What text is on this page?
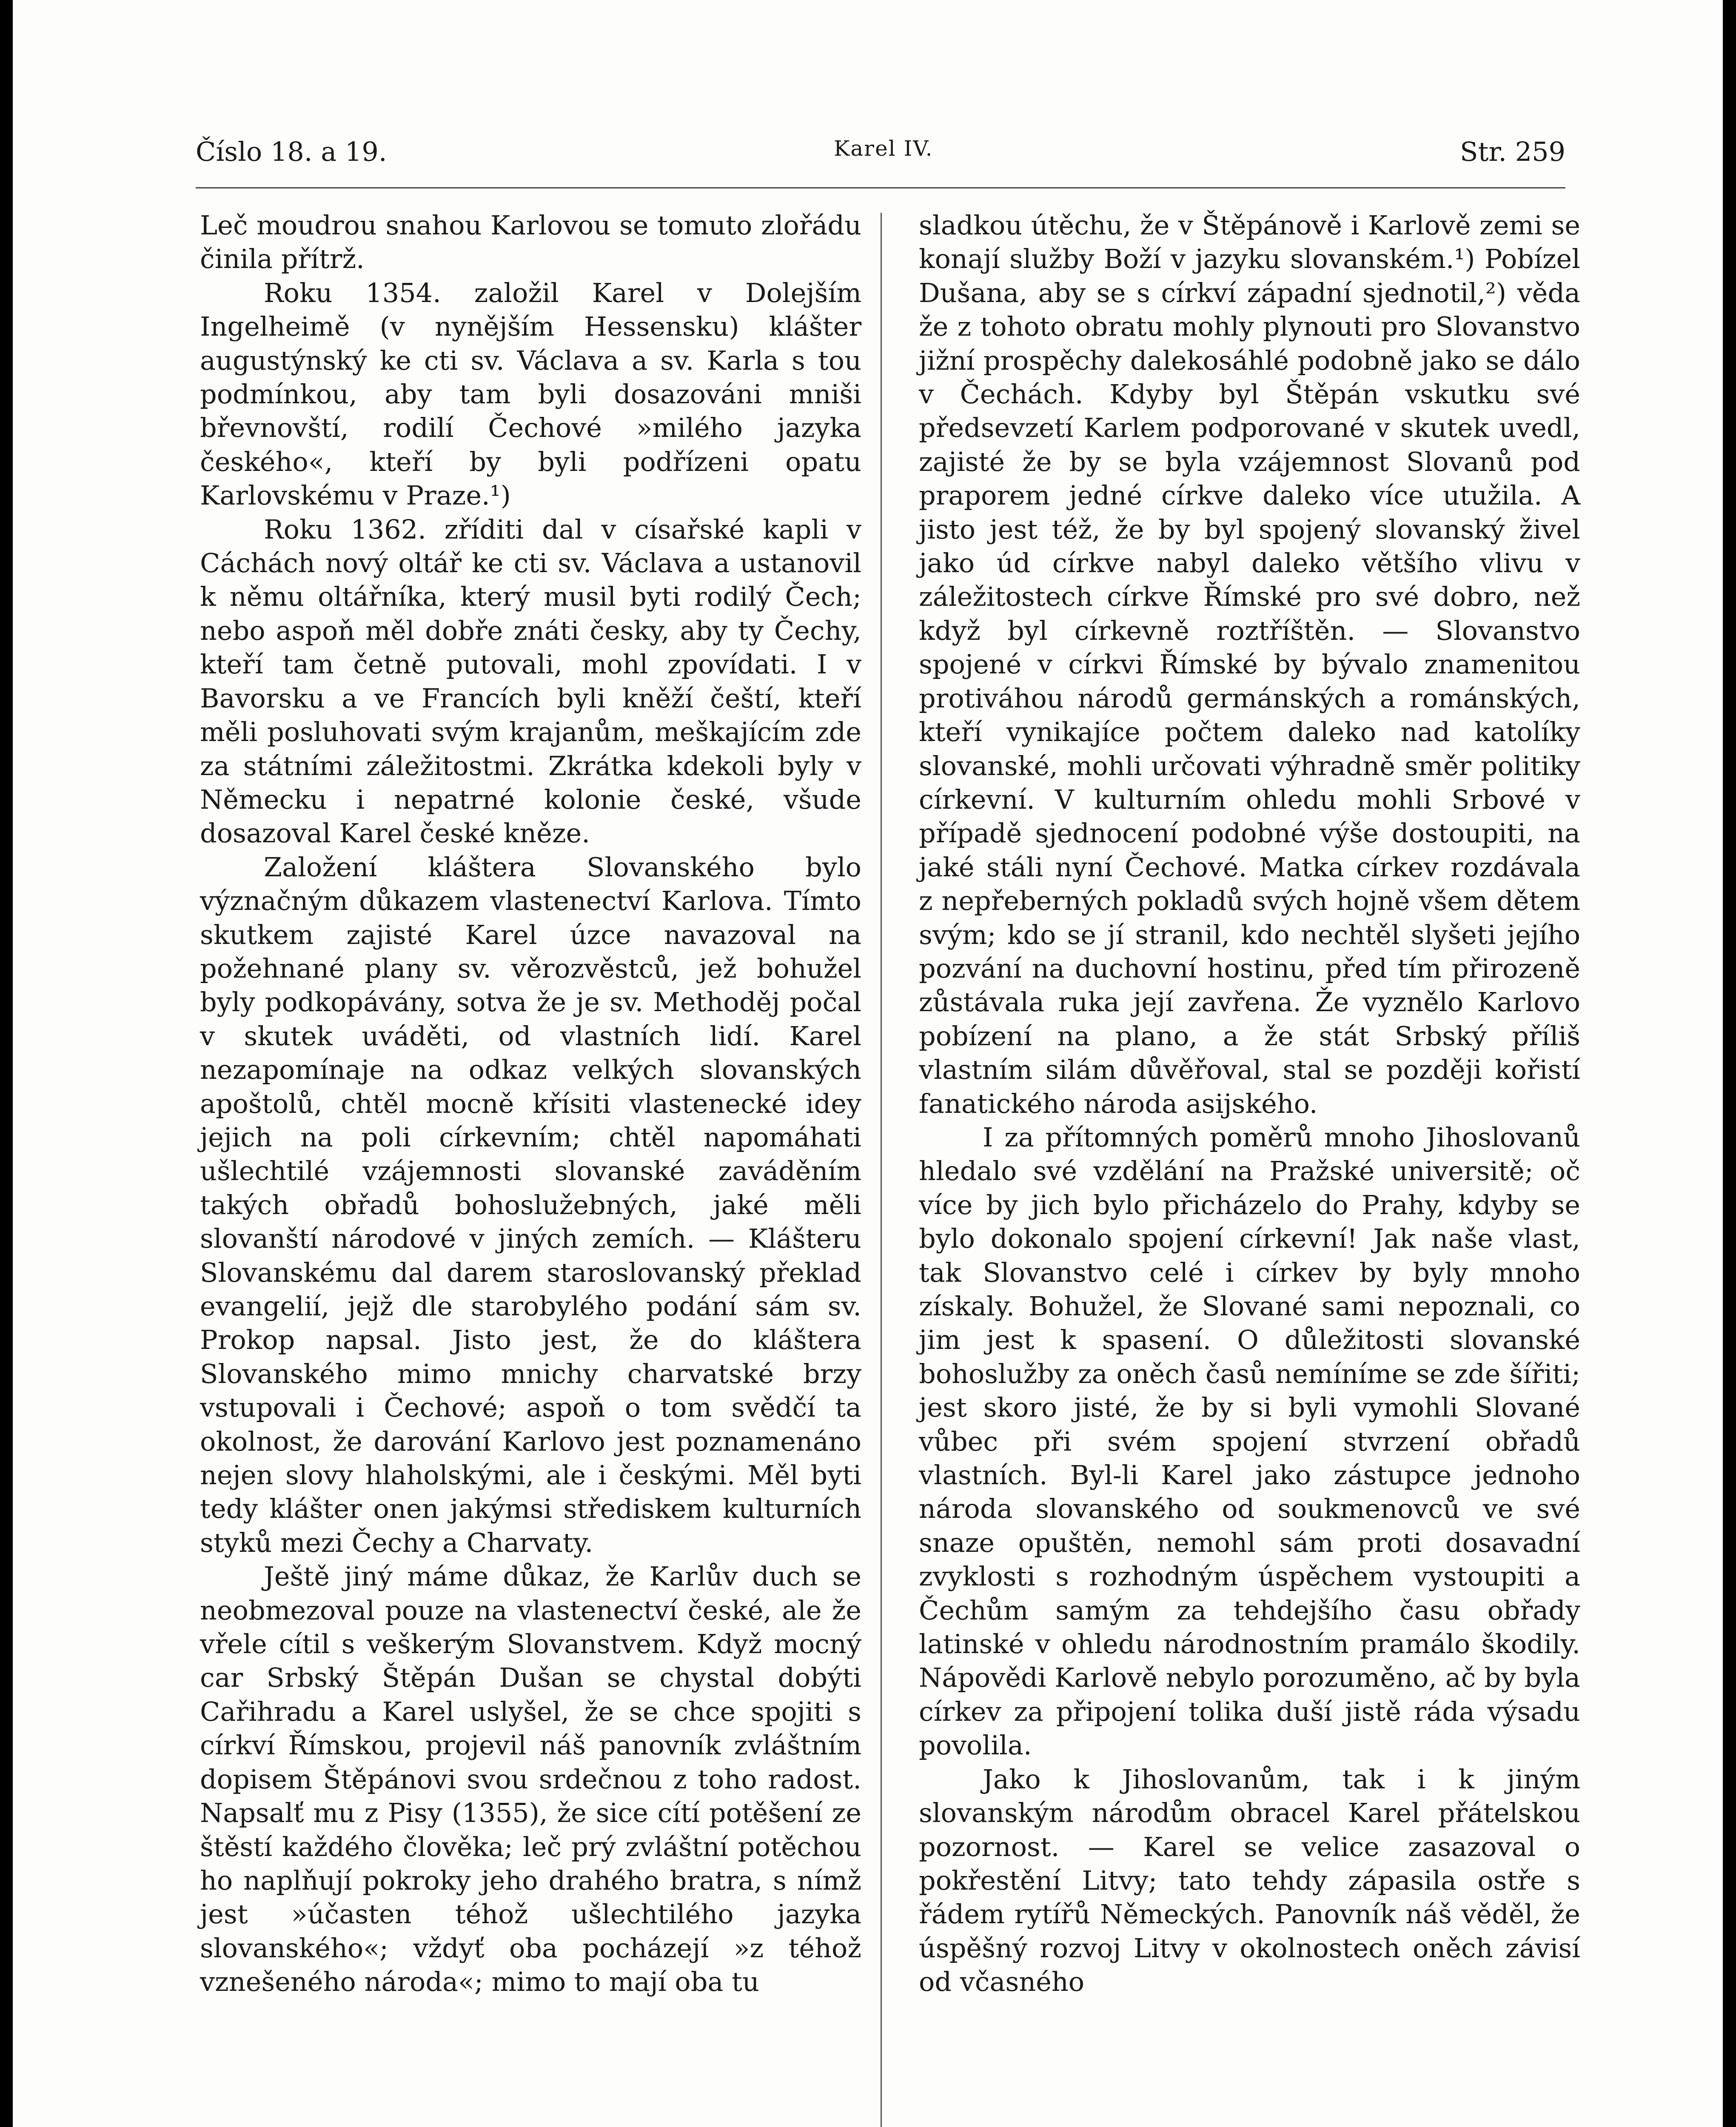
Číslo 18. a 19.	Karel IV.	Str. 259

Leč moudrou snahou Karlovou se tomuto zlořádu činila přítrž.

Roku 1354. založil Karel v Dolejším Ingelheimě (v nynějším Hessensku) klášter augustýnský ke cti sv. Václava a sv. Karla s tou podmínkou, aby tam byli dosazováni mniši břevnovští, rodilí Čechové »milého jazyka českého«, kteří by byli podřízeni opatu Karlovskému v Praze.¹)

Roku 1362. zříditi dal v císařské kapli v Cáchách nový oltář ke cti sv. Václava a ustanovil k němu oltářníka, který musil byti rodilý Čech; nebo aspoň měl dobře znáti česky, aby ty Čechy, kteří tam četně putovali, mohl zpovídati. I v Bavorsku a ve Francích byli kněží čeští, kteří měli posluhovati svým krajanům, meškajícím zde za státními záležitostmi. Zkrátka kdekoli byly v Německu i nepatrné kolonie české, všude dosazoval Karel české kněze.

Založení kláštera Slovanského bylo význačným důkazem vlastenectví Karlova. Tímto skutkem zajisté Karel úzce navazoval na požehnané plany sv. věrozvěstců, jež bohužel byly podkopávány, sotva že je sv. Methoděj počal v skutek uváděti, od vlastních lidí. Karel nezapomínaje na odkaz velkých slovanských apoštolů, chtěl mocně křísiti vlastenecké idey jejich na poli církevním; chtěl napomáhati ušlechtilé vzájemnosti slovanské zaváděním takých obřadů bohoslužebných, jaké měli slovanští národové v jiných zemích. — Klášteru Slovanskému dal darem staroslovanský překlad evangelií, jejž dle starobylého podání sám sv. Prokop napsal. Jisto jest, že do kláštera Slovanského mimo mnichy charvatské brzy vstupovali i Čechové; aspoň o tom svědčí ta okolnost, že darování Karlovo jest poznamenáno nejen slovy hlaholskými, ale i českými. Měl byti tedy klášter onen jakýmsi střediskem kulturních styků mezi Čechy a Charvaty.

Ještě jiný máme důkaz, že Karlův duch se neobmezoval pouze na vlastenectví české, ale že vřele cítil s veškerým Slovanstvem. Když mocný car Srbský Štěpán Dušan se chystal dobýti Cařihradu a Karel uslyšel, že se chce spojiti s církví Římskou, projevil náš panovník zvláštním dopisem Štěpánovi svou srdečnou z toho radost. Napsalť mu z Pisy (1355), že sice cítí potěšení ze štěstí každého člověka; leč prý zvláštní potěchou ho naplňují pokroky jeho drahého bratra, s nímž jest »účasten téhož ušlechtilého jazyka slovanského«; vždyť oba pocházejí »z téhož vznešeného národa«; mimo to mají oba tu

sladkou útěchu, že v Štěpánově i Karlově zemi se konají služby Boží v jazyku slovanském.¹) Pobízel Dušana, aby se s církví západní sjednotil,²) věda že z tohoto obratu mohly plynouti pro Slovanstvo jižní prospěchy dalekosáhlé podobně jako se dálo v Čechách. Kdyby byl Štěpán vskutku své předsevzetí Karlem podporované v skutek uvedl, zajisté že by se byla vzájemnost Slovanů pod praporem jedné církve daleko více utužila. A jisto jest též, že by byl spojený slovanský živel jako úd církve nabyl daleko většího vlivu v záležitostech církve Římské pro své dobro, než když byl církevně roztříštěn. — Slovanstvo spojené v církvi Římské by bývalo znamenitou protiváhou národů germánských a románských, kteří vynikajíce počtem daleko nad katolíky slovanské, mohli určovati výhradně směr politiky církevní. V kulturním ohledu mohli Srbové v případě sjednocení podobné výše dostoupiti, na jaké stáli nyní Čechové. Matka církev rozdávala z nepřeberných pokladů svých hojně všem dětem svým; kdo se jí stranil, kdo nechtěl slyšeti jejího pozvání na duchovní hostinu, před tím přirozeně zůstávala ruka její zavřena. Že vyznělo Karlovo pobízení na plano, a že stát Srbský příliš vlastním silám důvěřoval, stal se později kořistí fanatického národa asijského.

I za přítomných poměrů mnoho Jihoslovanů hledalo své vzdělání na Pražské universitě; oč více by jich bylo přicházelo do Prahy, kdyby se bylo dokonalo spojení církevní! Jak naše vlast, tak Slovanstvo celé i církev by byly mnoho získaly. Bohužel, že Slované sami nepoznali, co jim jest k spasení. O důležitosti slovanské bohoslužby za oněch časů nemíníme se zde šířiti; jest skoro jisté, že by si byli vymohli Slované vůbec při svém spojení stvrzení obřadů vlastních. Byl-li Karel jako zástupce jednoho národa slovanského od soukmenovců ve své snaze opuštěn, nemohl sám proti dosavadní zvyklosti s rozhodným úspěchem vystoupiti a Čechům samým za tehdejšího času obřady latinské v ohledu národnostním pramálo škodily. Nápovědi Karlově nebylo porozuměno, ač by byla církev za připojení tolika duší jistě ráda výsadu povolila.

Jako k Jihoslovanům, tak i k jiným slovanským národům obracel Karel přátelskou pozornost. — Karel se velice zasazoval o pokřestění Litvy; tato tehdy zápasila ostře s řádem rytířů Německých. Panovník náš věděl, že úspěšný rozvoj Litvy v okolnostech oněch závisí od včasného
